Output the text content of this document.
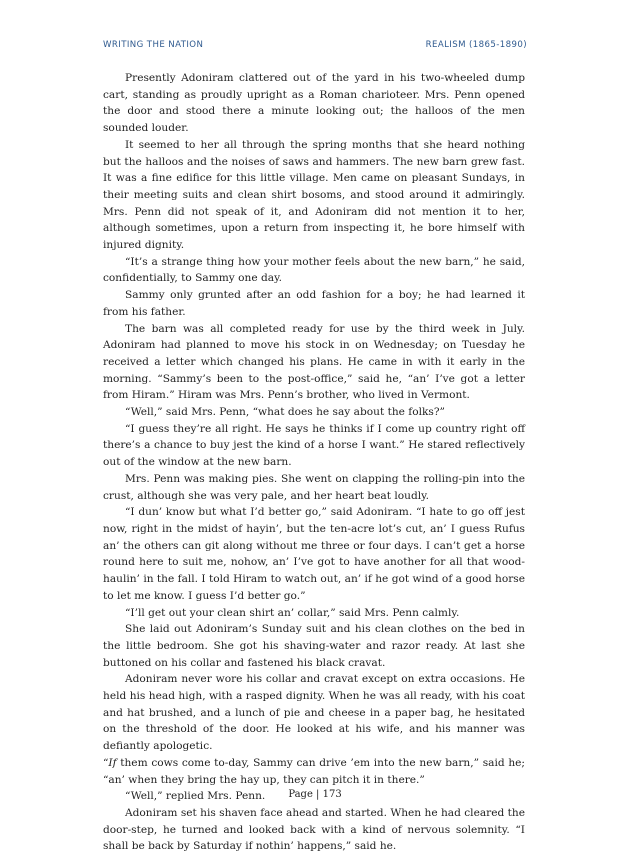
WRITING THE NATION	REALISM (1865-1890)

Presently Adoniram clattered out of the yard in his two-wheeled dump cart, standing as proudly upright as a Roman charioteer. Mrs. Penn opened the door and stood there a minute looking out; the halloos of the men sounded louder.

It seemed to her all through the spring months that she heard nothing but the halloos and the noises of saws and hammers. The new barn grew fast. It was a fine edifice for this little village. Men came on pleasant Sundays, in their meeting suits and clean shirt bosoms, and stood around it admiringly. Mrs. Penn did not speak of it, and Adoniram did not mention it to her, although sometimes, upon a return from inspecting it, he bore himself with injured dignity.

“It’s a strange thing how your mother feels about the new barn,” he said, confidentially, to Sammy one day.

Sammy only grunted after an odd fashion for a boy; he had learned it from his father.

The barn was all completed ready for use by the third week in July. Adoniram had planned to move his stock in on Wednesday; on Tuesday he received a letter which changed his plans. He came in with it early in the morning. “Sammy’s been to the post-office,” said he, “an’ I’ve got a letter from Hiram.” Hiram was Mrs. Penn’s brother, who lived in Vermont.

“Well,” said Mrs. Penn, “what does he say about the folks?”

“I guess they’re all right. He says he thinks if I come up country right off there’s a chance to buy jest the kind of a horse I want.” He stared reflectively out of the window at the new barn.

Mrs. Penn was making pies. She went on clapping the rolling-pin into the crust, although she was very pale, and her heart beat loudly.

“I dun’ know but what I’d better go,” said Adoniram. “I hate to go off jest now, right in the midst of hayin’, but the ten-acre lot’s cut, an’ I guess Rufus an’ the others can git along without me three or four days. I can’t get a horse round here to suit me, nohow, an’ I’ve got to have another for all that wood-haulin’ in the fall. I told Hiram to watch out, an’ if he got wind of a good horse to let me know. I guess I’d better go.”

“I’ll get out your clean shirt an’ collar,” said Mrs. Penn calmly.

She laid out Adoniram’s Sunday suit and his clean clothes on the bed in the little bedroom. She got his shaving-water and razor ready. At last she buttoned on his collar and fastened his black cravat.

Adoniram never wore his collar and cravat except on extra occasions. He held his head high, with a rasped dignity. When he was all ready, with his coat and hat brushed, and a lunch of pie and cheese in a paper bag, he hesitated on the threshold of the door. He looked at his wife, and his manner was defiantly apologetic.

“If them cows come to-day, Sammy can drive ’em into the new barn,” said he; “an’ when they bring the hay up, they can pitch it in there.”

“Well,” replied Mrs. Penn.

Adoniram set his shaven face ahead and started. When he had cleared the door-step, he turned and looked back with a kind of nervous solemnity. “I shall be back by Saturday if nothin’ happens,” said he.

Page | 173
